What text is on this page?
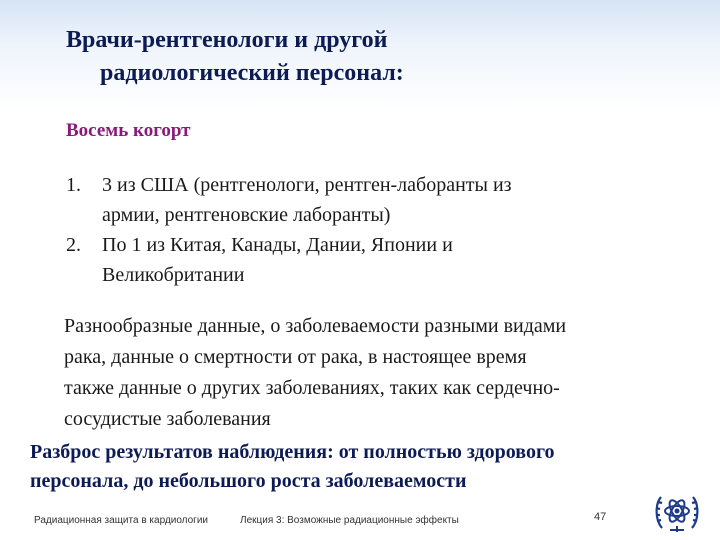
Врачи-рентгенологи и другой
радиологический персонал:
Восемь когорт
1.	3 из США (рентгенологи, рентген-лаборанты из
армии, рентгеновские лаборанты)
2.	По 1 из Китая, Канады, Дании, Японии и
Великобритании
Разнообразные данные, о заболеваемости разными видами
рака, данные о смертности от рака, в настоящее время
также данные о других заболеваниях, таких как сердечно-
сосудистые заболевания
Разброс результатов наблюдения: от полностью здорового
персонала, до небольшого роста заболеваемости
Радиационная защита в кардиологии	Лекция 3: Возможные радиационные эффекты	47
